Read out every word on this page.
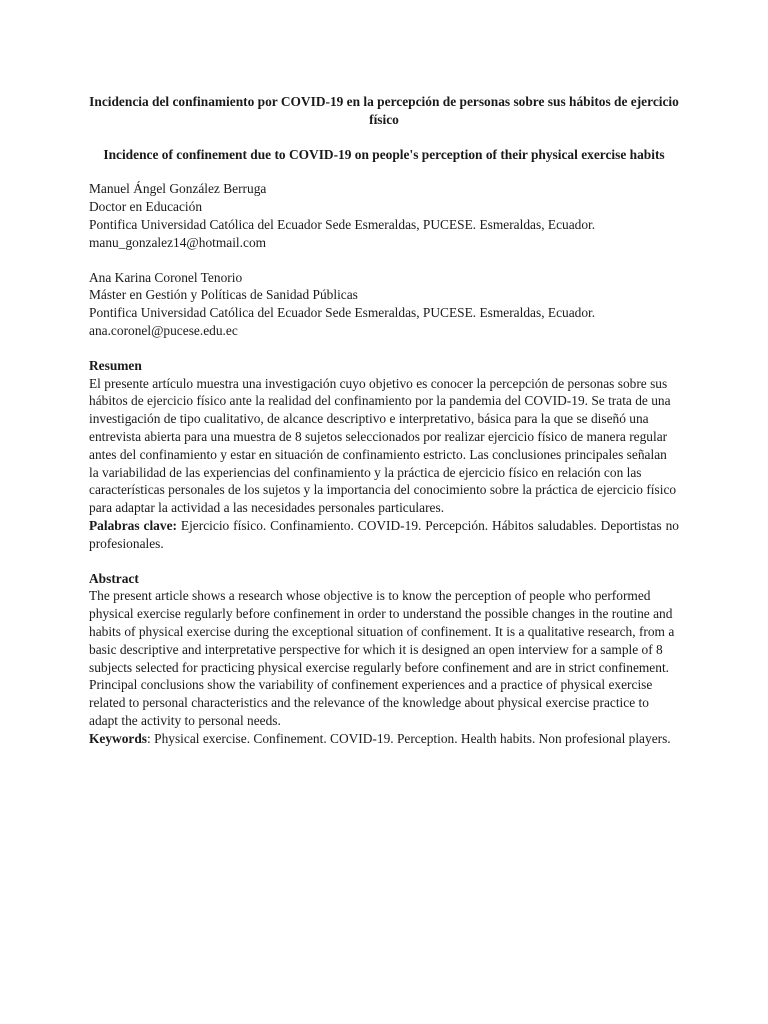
Incidencia del confinamiento por COVID-19 en la percepción de personas sobre sus hábitos de ejercicio físico

Incidence of confinement due to COVID-19 on people's perception of their physical exercise habits

Manuel Ángel González Berruga
Doctor en Educación
Pontifica Universidad Católica del Ecuador Sede Esmeraldas, PUCESE. Esmeraldas, Ecuador.
manu_gonzalez14@hotmail.com
Ana Karina Coronel Tenorio
Máster en Gestión y Políticas de Sanidad Públicas
Pontifica Universidad Católica del Ecuador Sede Esmeraldas, PUCESE. Esmeraldas, Ecuador.
ana.coronel@pucese.edu.ec

Resumen

El presente artículo muestra una investigación cuyo objetivo es conocer la percepción de personas sobre sus hábitos de ejercicio físico ante la realidad del confinamiento por la pandemia del COVID-19. Se trata de una investigación de tipo cualitativo, de alcance descriptivo e interpretativo, básica para la que se diseñó una entrevista abierta para una muestra de 8 sujetos seleccionados por realizar ejercicio físico de manera regular antes del confinamiento y estar en situación de confinamiento estricto. Las conclusiones principales señalan la variabilidad de las experiencias del confinamiento y la práctica de ejercicio físico en relación con las características personales de los sujetos y la importancia del conocimiento sobre la práctica de ejercicio físico para adaptar la actividad a las necesidades personales particulares.

Palabras clave: Ejercicio físico. Confinamiento. COVID-19. Percepción. Hábitos saludables. Deportistas no profesionales.

Abstract

The present article shows a research whose objective is to know the perception of people who performed physical exercise regularly before confinement in order to understand the possible changes in the routine and habits of physical exercise during the exceptional situation of confinement. It is a qualitative research, from a basic descriptive and interpretative perspective for which it is designed an open interview for a sample of 8 subjects selected for practicing physical exercise regularly before confinement and are in strict confinement. Principal conclusions show the variability of confinement experiences and a practice of physical exercise related to personal characteristics and the relevance of the knowledge about physical exercise practice to adapt the activity to personal needs.

Keywords: Physical exercise. Confinement. COVID-19. Perception. Health habits. Non profesional players.
